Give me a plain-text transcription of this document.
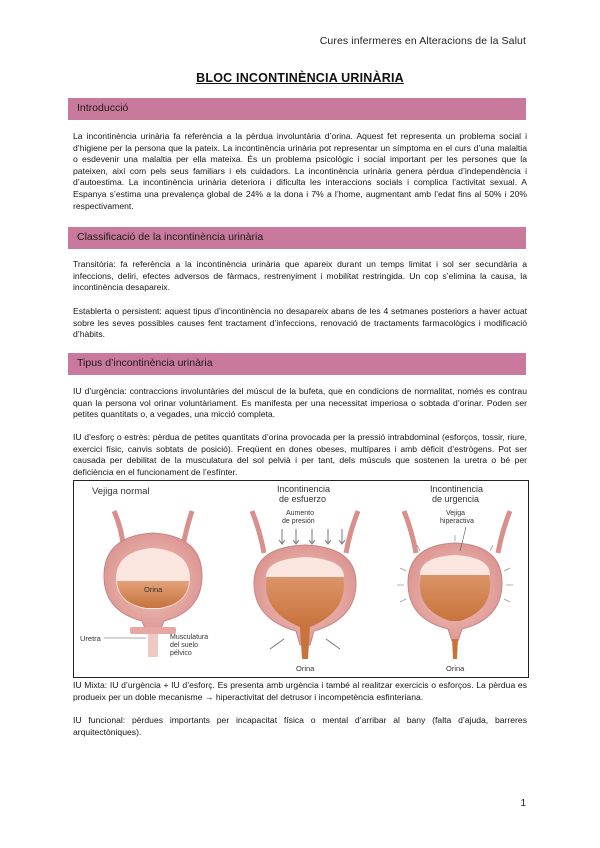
Cures infermeres en Alteracions de la Salut
BLOC INCONTINÈNCIA URINÀRIA
Introducció

La incontinència urinària fa referència a la pèrdua involuntària d’orina. Aquest fet representa un problema social i d’higiene per la persona que la pateix. La incontinència urinària pot representar un símptoma en el curs d’una malaltia o esdevenir una malaltia per ella mateixa. És un problema psicològic i social important per les persones que la pateixen, així com pels seus familiars i els cuidadors. La incontinència urinària genera pèrdua d’independència i d’autoestima. La incontinència urinària deteriora i dificulta les interaccions socials i complica l’activitat sexual. A Espanya s’estima una prevalença global de 24% a la dona i 7% a l’home, augmentant amb l’edat fins al 50% i 20% respectivament.

Classificació de la incontinència urinària

Transitòria: fa referència a la incontinència urinària que apareix durant un temps limitat i sol ser secundària a infeccions, deliri, efectes adversos de fàrmacs, restrenyiment i mobilitat restringida. Un cop s’elimina la causa, la incontinència desapareix.

Establerta o persistent: aquest tipus d’incontinència no desapareix abans de les 4 setmanes posteriors a haver actuat sobre les seves possibles causes fent tractament d’infeccions, renovació de tractaments farmacològics i modificació d’hàbits.

Tipus d’incontinència urinària

IU d’urgència: contraccions involuntàries del múscul de la bufeta, que en condicions de normalitat, només es contrau quan la persona vol orinar voluntàriament. Es manifesta per una necessitat imperiosa o sobtada d’orinar. Poden ser petites quantitats o, a vegades, una micció completa.

IU d’esforç o estrès: pèrdua de petites quantitats d’orina provocada per la pressió intrabdominal (esforços, tossir, riure, exercici físic, canvis sobtats de posició). Freqüent en dones obeses, multípares i amb dèficit d’estrògens. Pot ser causada per debilitat de la musculatura del sol pelvià i per tant, dels músculs que sostenen la uretra o bé per deficiència en el funcionament de l’esfínter.

Vejiga normal
Orina
Uretra	Musculatura
del suelo
pélvico
Incontinencia
de esfuerzo
Aumento
de presión
Orina
Incontinencia
de urgencia
Vejiga
hiperactiva
Orina

IU Mixta: IU d’urgència + IU d’esforç. Es presenta amb urgència i també al realitzar exercicis o esforços. La pèrdua es produeix per un doble mecanisme → hiperactivitat del detrusor i incompetència esfinteriana.

IU funcional: pèrdues importants per incapacitat física o mental d’arribar al bany (falta d’ajuda, barreres arquitectòniques).

1
